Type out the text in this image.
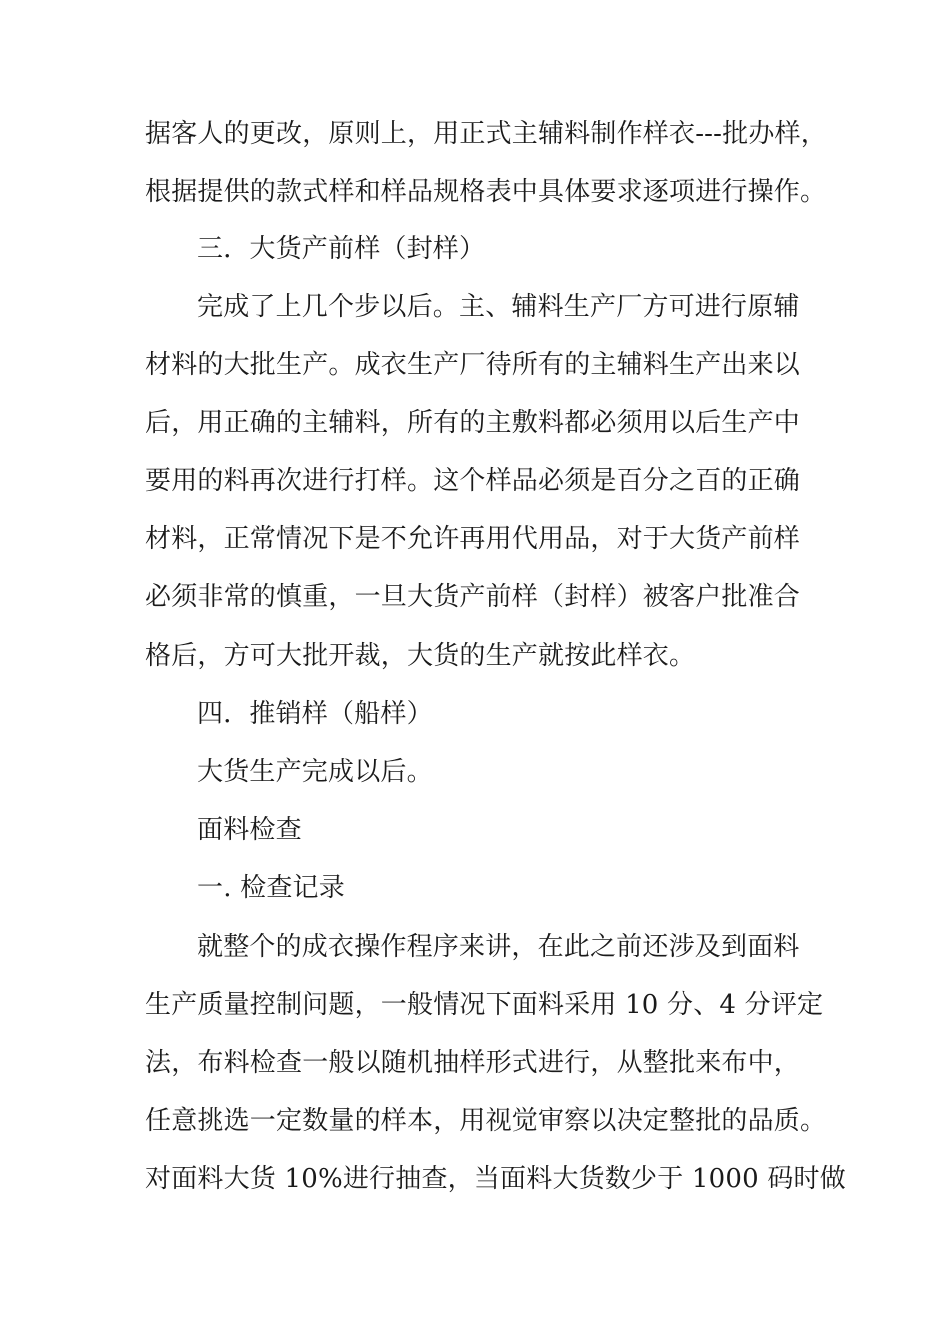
据客人的更改，原则上，用正式主辅料制作样衣---批办样，
根据提供的款式样和样品规格表中具体要求逐项进行操作。
三．大货产前样（封样）
完成了上几个步以后。主、辅料生产厂方可进行原辅
材料的大批生产。成衣生产厂待所有的主辅料生产出来以
后，用正确的主辅料，所有的主敷料都必须用以后生产中
要用的料再次进行打样。这个样品必须是百分之百的正确
材料，正常情况下是不允许再用代用品，对于大货产前样
必须非常的慎重，一旦大货产前样（封样）被客户批准合
格后，方可大批开裁，大货的生产就按此样衣。
四．推销样（船样）
大货生产完成以后。
面料检查
一. 检查记录
就整个的成衣操作程序来讲，在此之前还涉及到面料
生产质量控制问题，一般情况下面料采用 10 分、4 分评定
法，布料检查一般以随机抽样形式进行，从整批来布中，
任意挑选一定数量的样本，用视觉审察以决定整批的品质。
对面料大货 10%进行抽查，当面料大货数少于 1000 码时做
